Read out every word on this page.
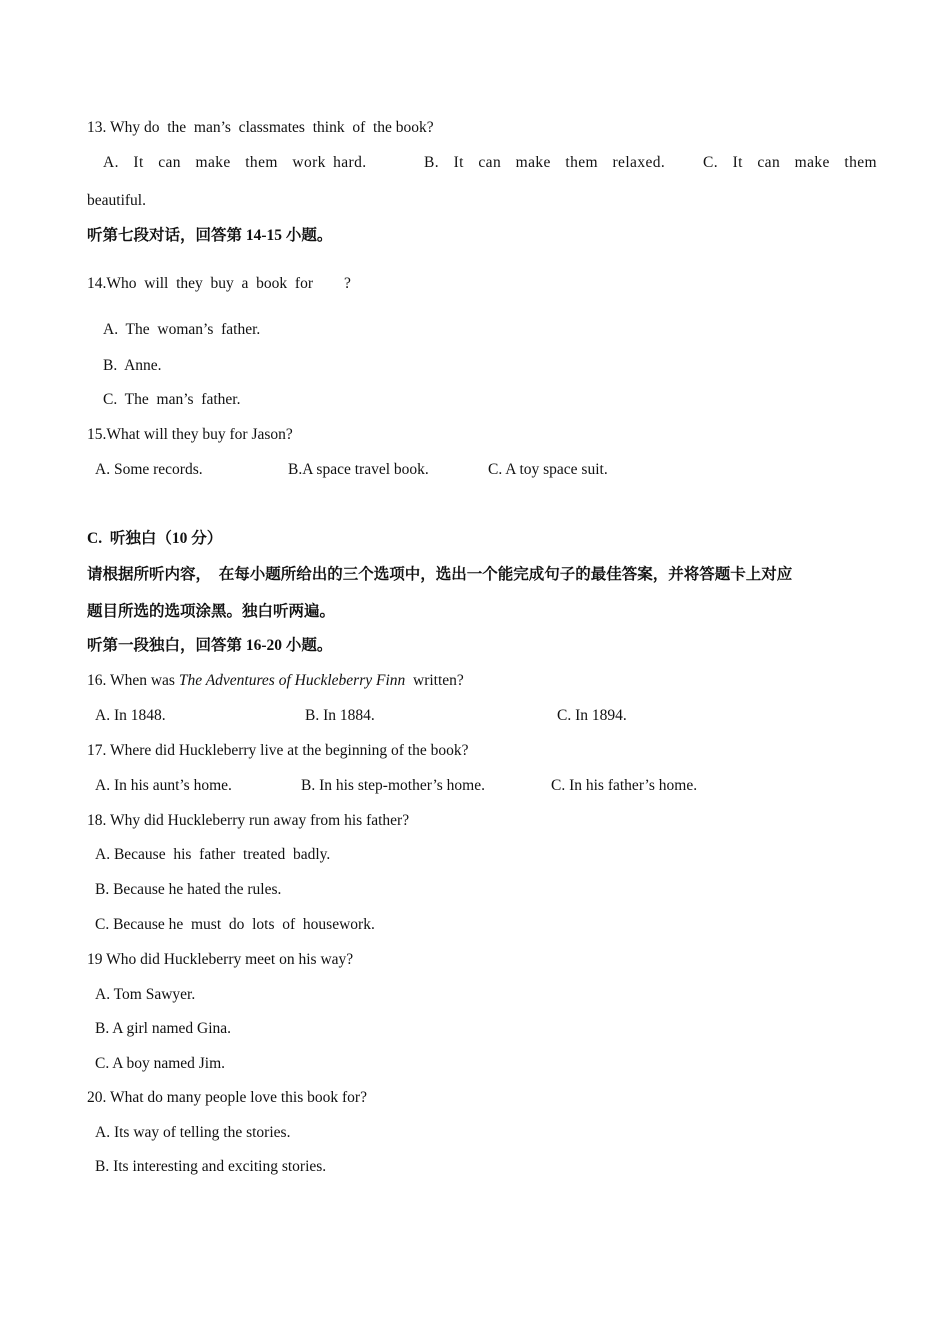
13. Why do  the  man’s  classmates  think  of  the book?
A.  It  can  make  them  work hard.	B.  It  can  make  them  relaxed. C.  It  can  make  them
beautiful.
听第七段对话，回答第 14-15 小题。
14.Who  will  they  buy  a  book  for        ?
A.  The  woman’s  father.
B.  Anne.
C.  The  man’s  father.
15.What will they buy for Jason?
A. Some records.	B.A space travel book.	C. A toy space suit.
C.  听独白（10 分）
请根据所听内容，  在每小题所给出的三个选项中，选出一个能完成句子的最佳答案，并将答题卡上对应
题目所选的选项涂黑。独白听两遍。
听第一段独白，回答第 16-20 小题。
16. When was The Adventures of Huckleberry Finn  written?
A. In 1848.	B. In 1884.	C. In 1894.
17. Where did Huckleberry live at the beginning of the book?
A. In his aunt’s home.	B. In his step-mother’s home.	C. In his father’s home.
18. Why did Huckleberry run away from his father?
A. Because  his  father  treated  badly.
B. Because he hated the rules.
C. Because he  must  do  lots  of  housework.
19 Who did Huckleberry meet on his way?
A. Tom Sawyer.
B. A girl named Gina.
C. A boy named Jim.
20. What do many people love this book for?
A. Its way of telling the stories.
B. Its interesting and exciting stories.
